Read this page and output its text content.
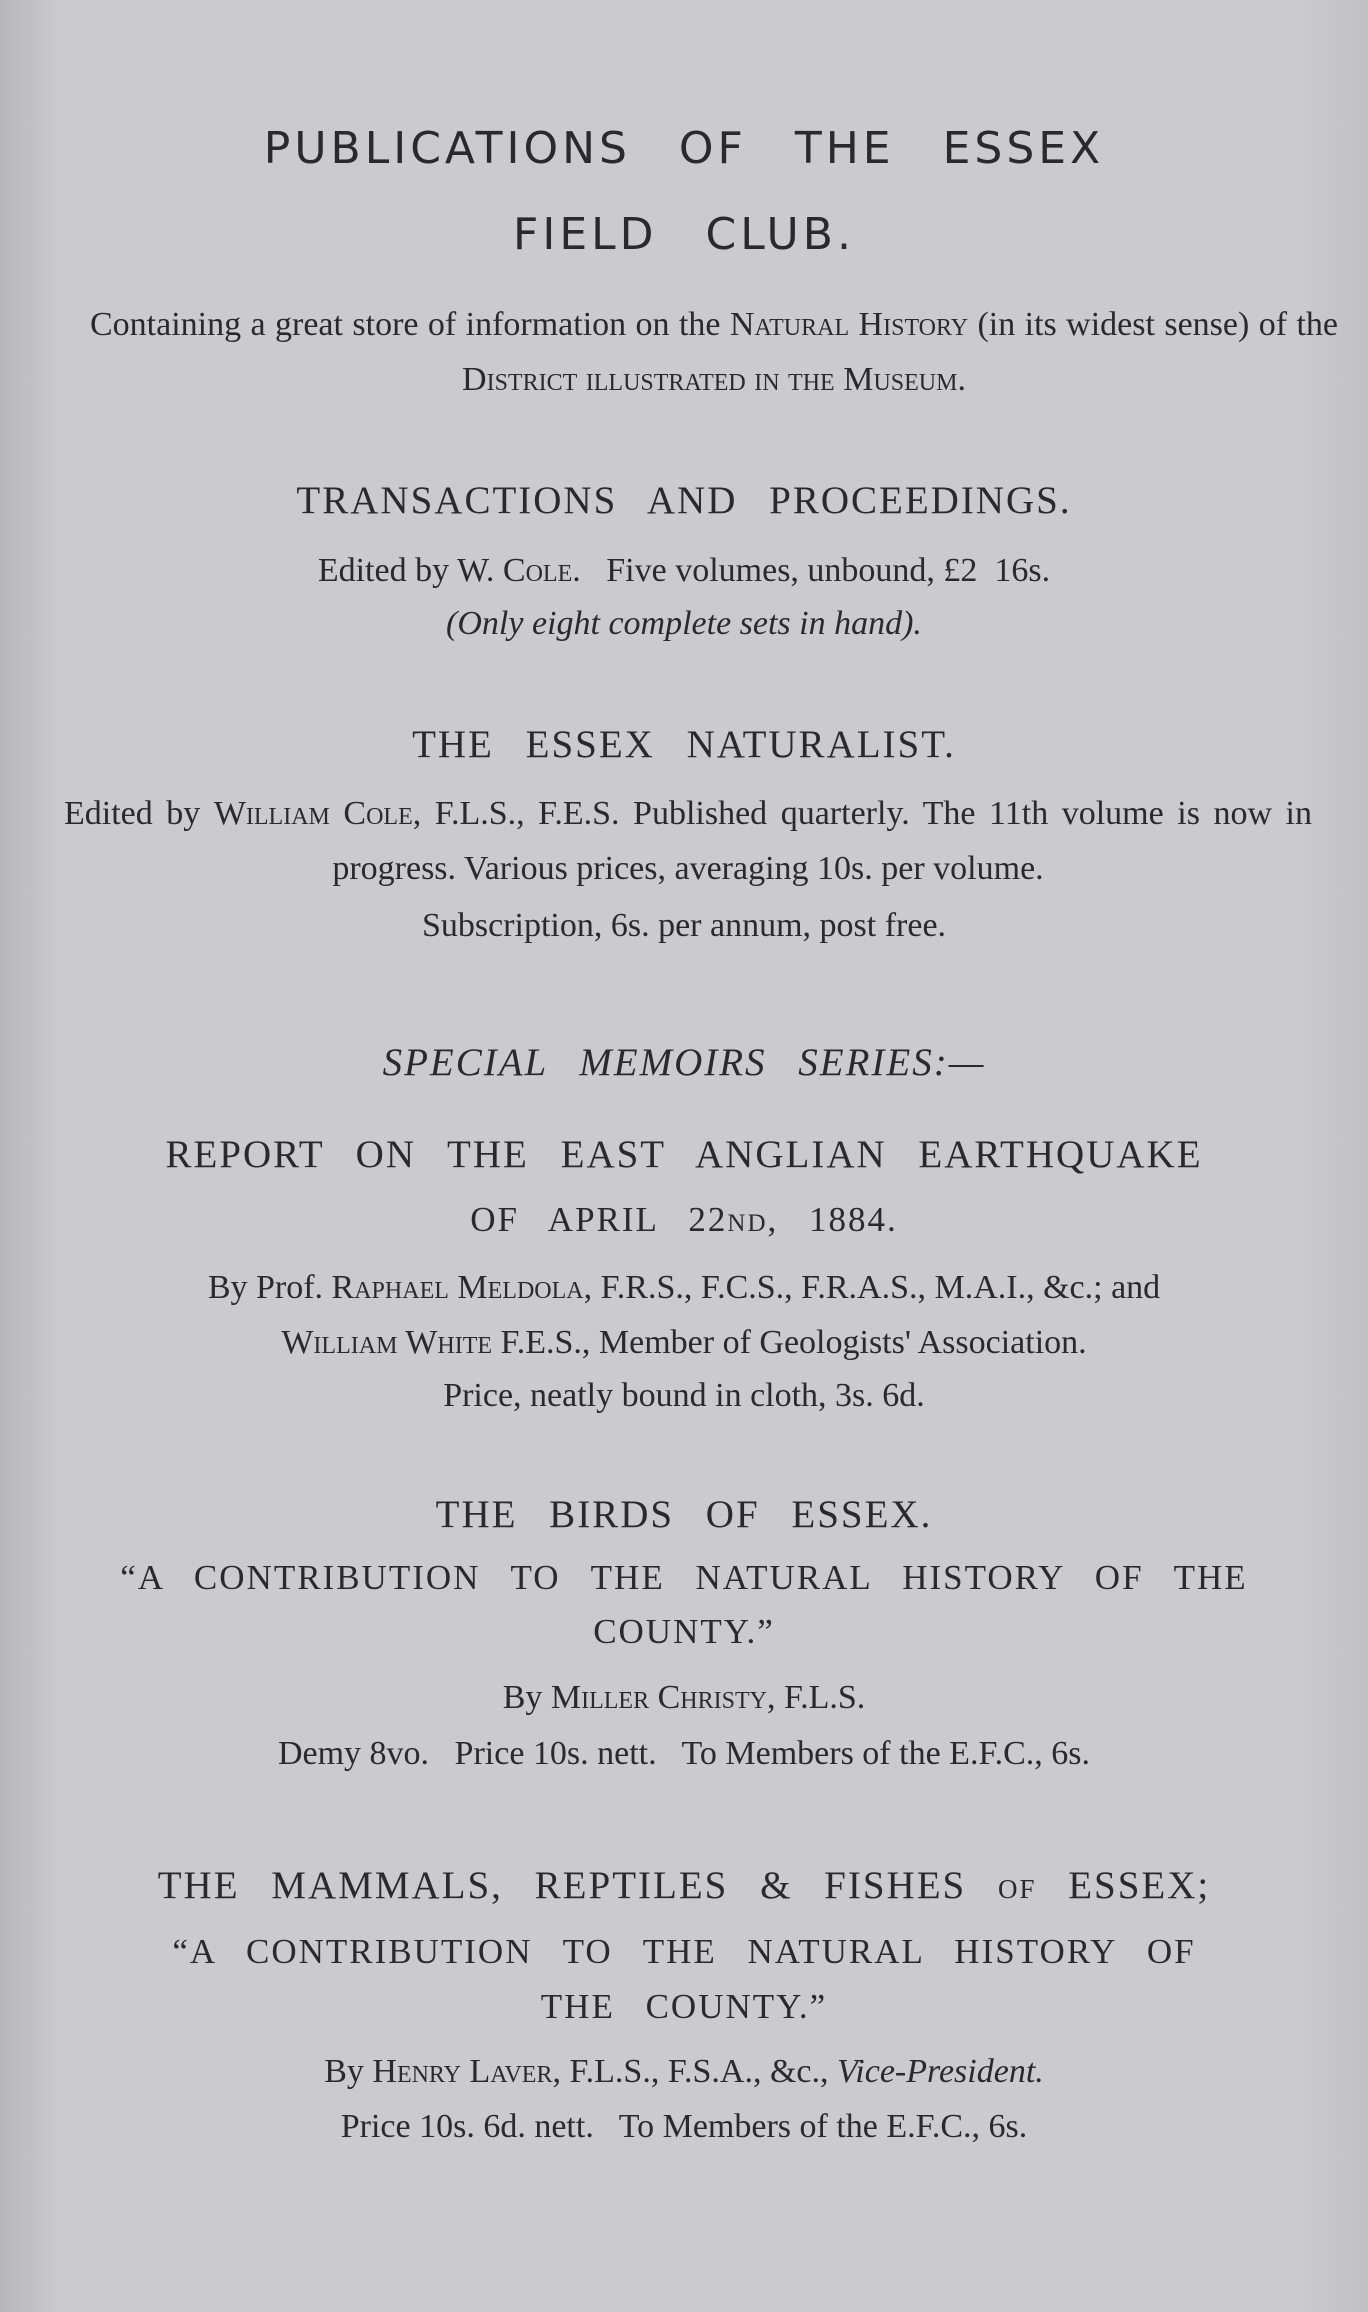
PUBLICATIONS OF THE ESSEX
FIELD CLUB.
Containing a great store of information on the Natural History (in its widest sense) of the District illustrated in the Museum.
TRANSACTIONS AND PROCEEDINGS.
Edited by W. Cole.   Five volumes, unbound, £2  16s.
(Only eight complete sets in hand).
THE ESSEX NATURALIST.
Edited by William Cole, F.L.S., F.E.S. Published quarterly. The 11th volume is now in progress. Various prices, averaging 10s. per volume.
Subscription, 6s. per annum, post free.
SPECIAL MEMOIRS SERIES:—
REPORT ON THE EAST ANGLIAN EARTHQUAKE
OF APRIL 22nd, 1884.
By Prof. Raphael Meldola, F.R.S., F.C.S., F.R.A.S., M.A.I., &c.; and
William White F.E.S., Member of Geologists' Association.
Price, neatly bound in cloth, 3s. 6d.
THE BIRDS OF ESSEX.
“A CONTRIBUTION TO THE NATURAL HISTORY OF THE
COUNTY.”
By Miller Christy, F.L.S.
Demy 8vo.   Price 10s. nett.   To Members of the E.F.C., 6s.
THE MAMMALS, REPTILES & FISHES of ESSEX;
“A CONTRIBUTION TO THE NATURAL HISTORY OF
THE COUNTY.”
By Henry Laver, F.L.S., F.S.A., &c., Vice-President.
Price 10s. 6d. nett.   To Members of the E.F.C., 6s.
